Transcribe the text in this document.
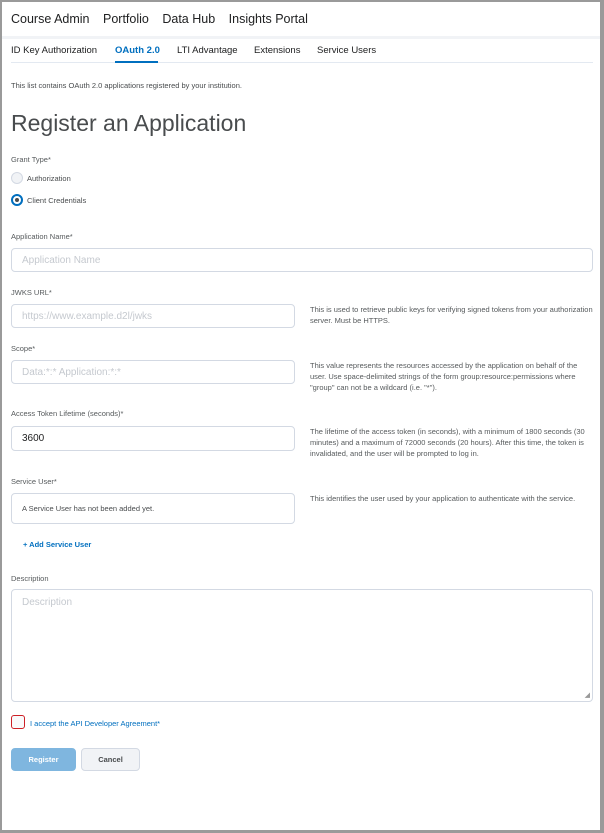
Course Admin Portfolio Data Hub Insights Portal
ID Key Authorization OAuth 2.0 LTI Advantage Extensions Service Users
This list contains OAuth 2.0 applications registered by your institution.
Register an Application
Grant Type*
Authorization
Client Credentials
Application Name*
Application Name
JWKS URL*
https://www.example.d2l/jwks
This is used to retrieve public keys for verifying signed tokens from your authorization server. Must be HTTPS.
Scope*
Data:*:* Application:*:*
This value represents the resources accessed by the application on behalf of the user. Use space-delimited strings of the form group:resource:permissions where "group" can not be a wildcard (i.e. "*").
Access Token Lifetime (seconds)*
3600
The lifetime of the access token (in seconds), with a minimum of 1800 seconds (30 minutes) and a maximum of 72000 seconds (20 hours). After this time, the token is invalidated, and the user will be prompted to log in.
Service User*
A Service User has not been added yet.
This identifies the user used by your application to authenticate with the service.
+ Add Service User
Description
Description
◢
I accept the API Developer Agreement*
Register	Cancel
